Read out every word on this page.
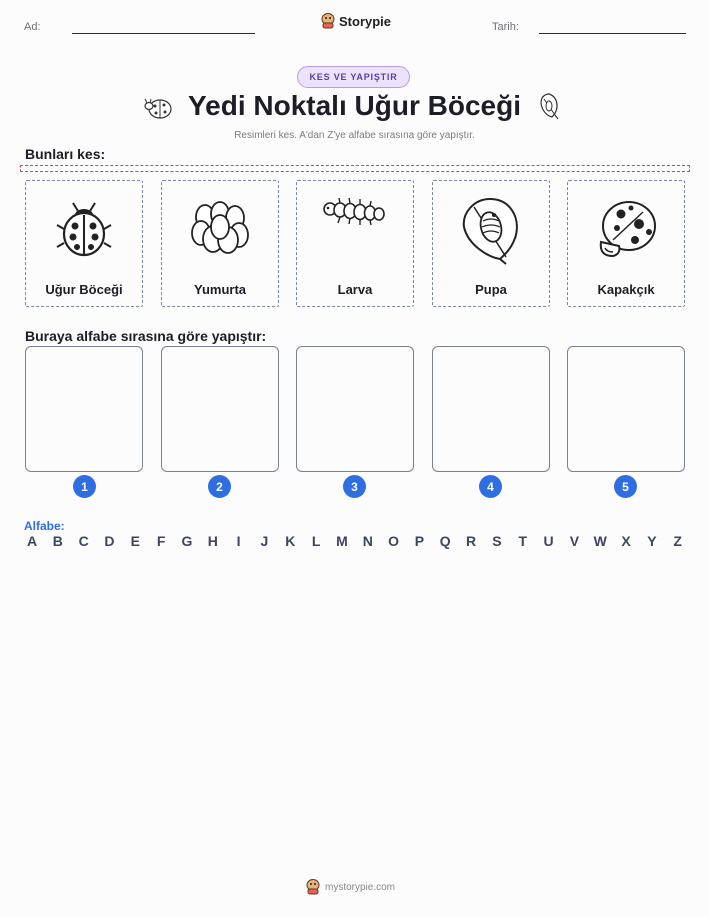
Ad:	Storypie	Tarih:
KES VE YAPIŞTIR
Yedi Noktalı Uğur Böceği
Resimleri kes. A'dan Z'ye alfabe sırasına göre yapıştır.
Bunları kes:
Uğur Böceği	Yumurta	Larva	Pupa	Kapakçık
Buraya alfabe sırasına göre yapıştır:
1	2	3	4	5
Alfabe:
A B C D E F G H	I	J K L M N O P Q R S T U V W X Y Z
mystorypie.com
